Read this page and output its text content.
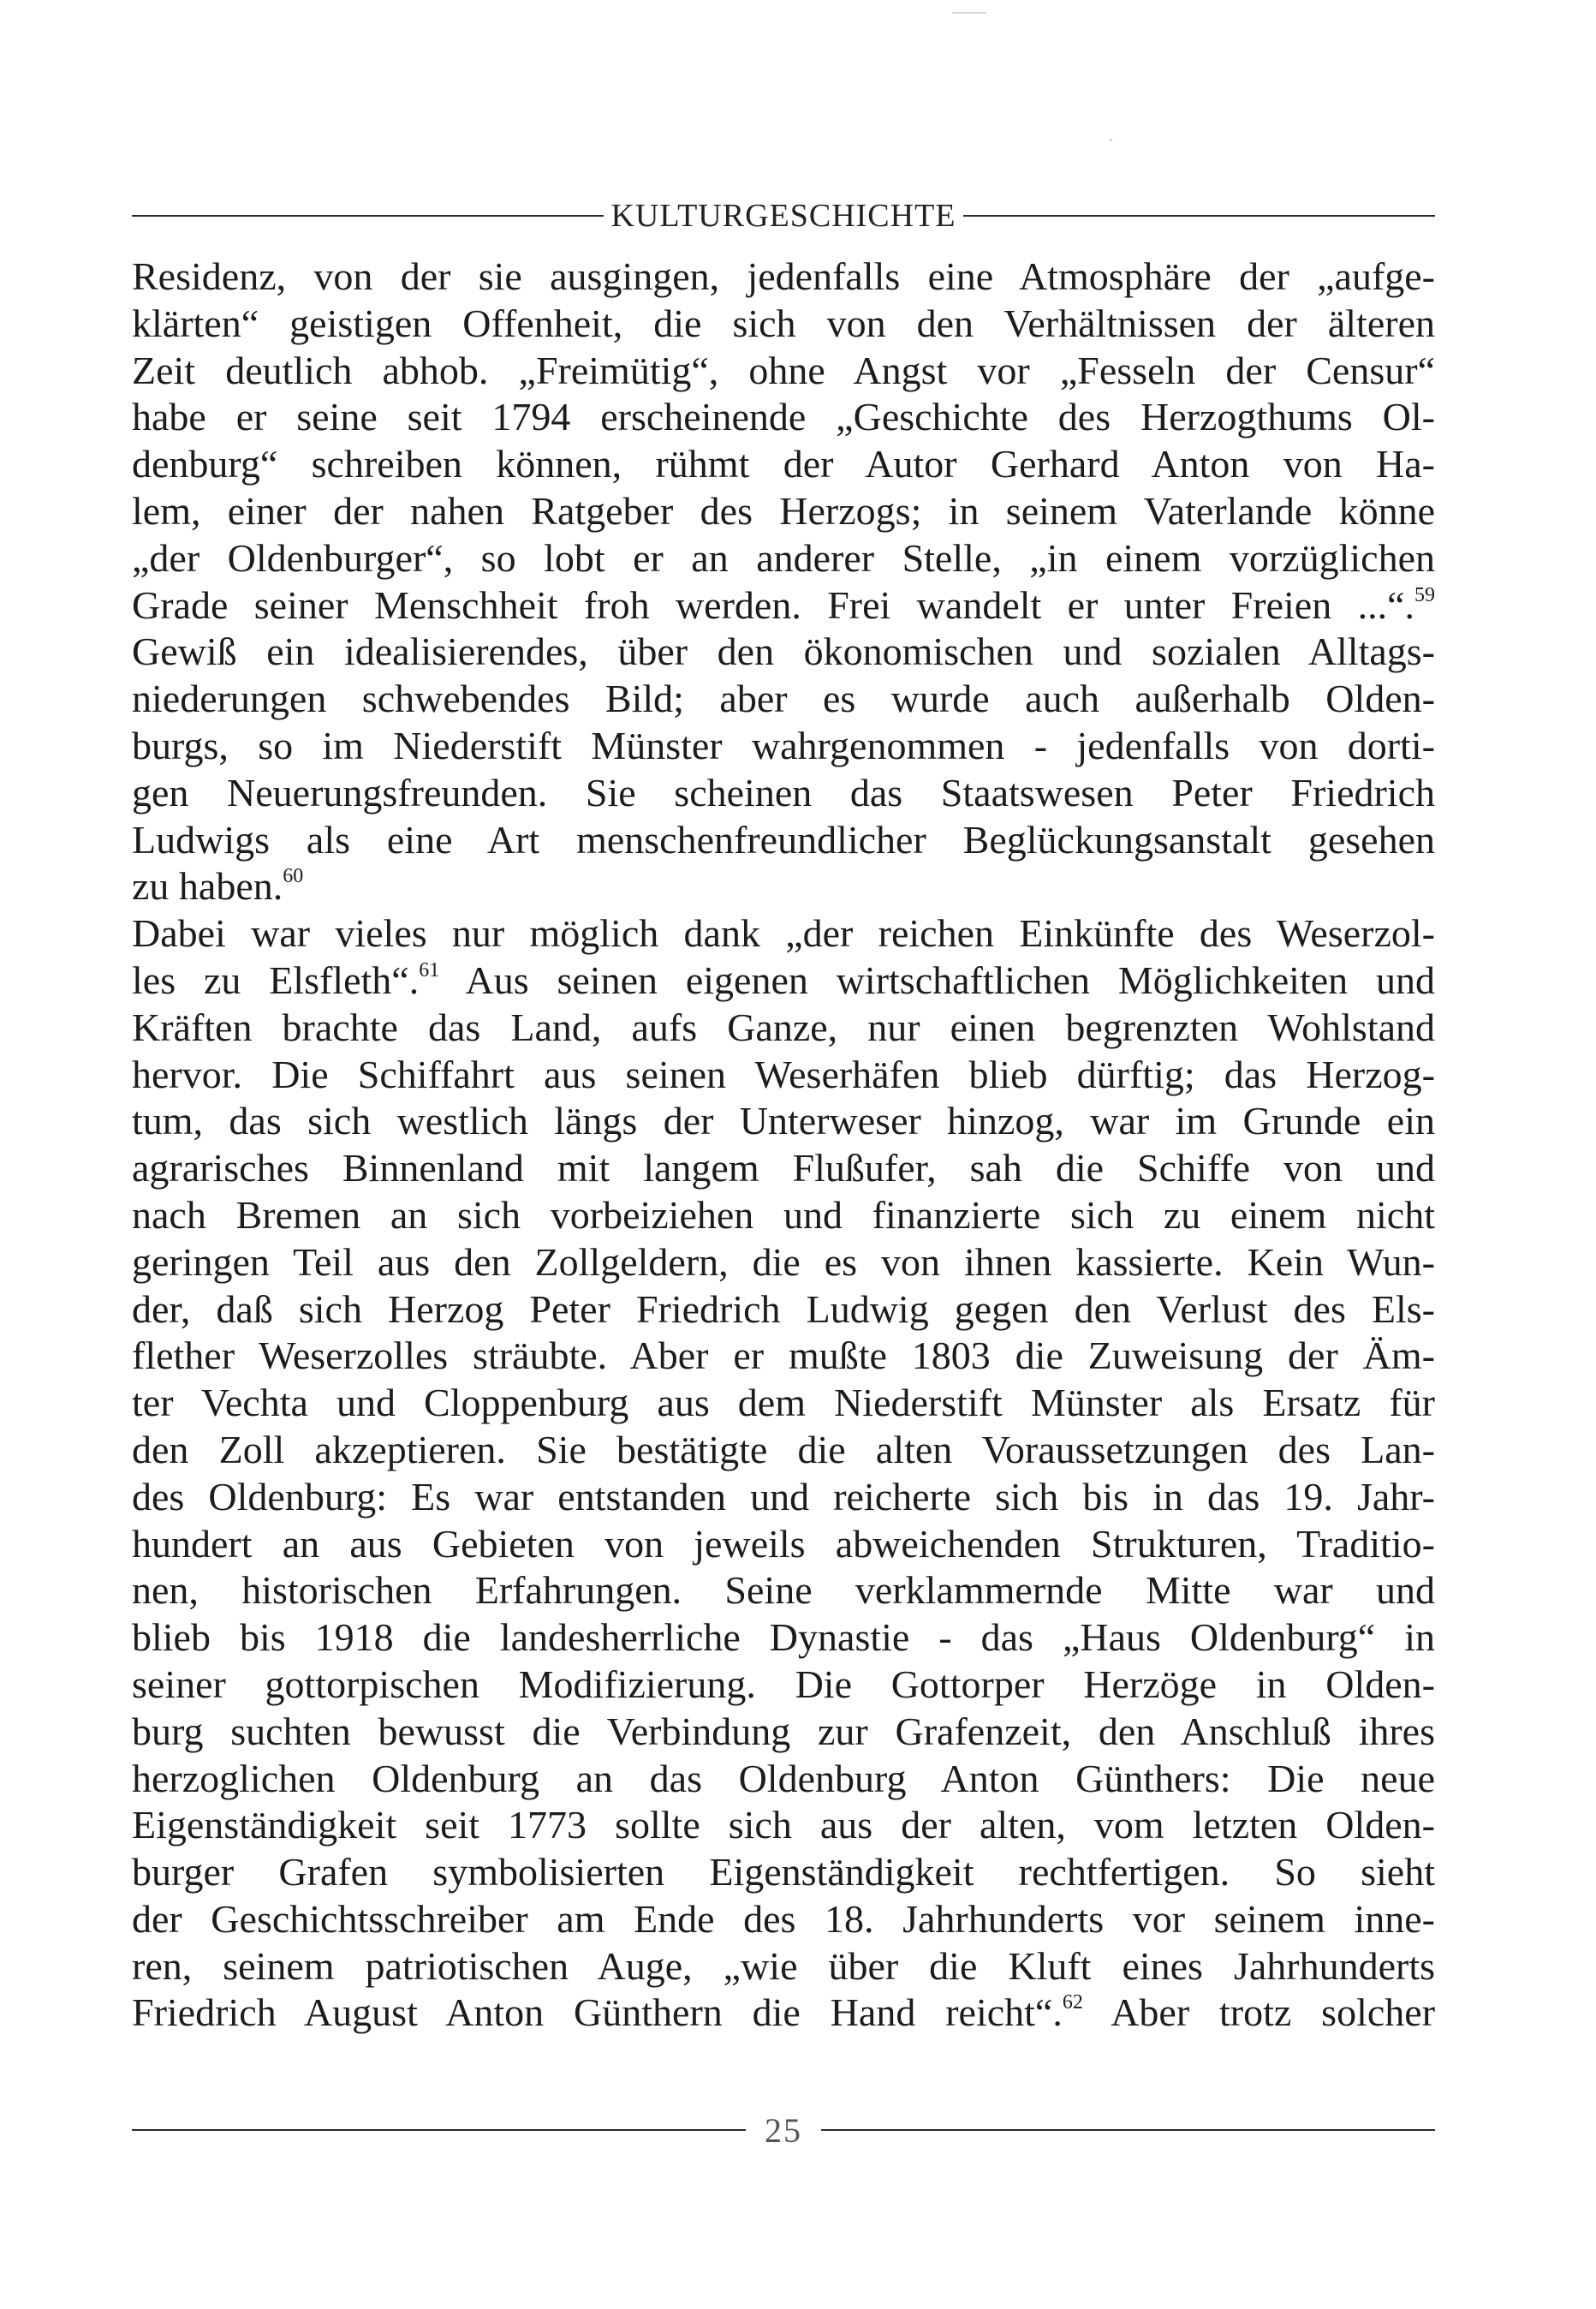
KULTURGESCHICHTE
Residenz, von der sie ausgingen, jedenfalls eine Atmosphäre der „aufge-
klärten“ geistigen Offenheit, die sich von den Verhältnissen der älteren
Zeit deutlich abhob. „Freimütig“, ohne Angst vor „Fesseln der Censur“
habe er seine seit 1794 erscheinende „Geschichte des Herzogthums Ol-
denburg“ schreiben können, rühmt der Autor Gerhard Anton von Ha-
lem, einer der nahen Ratgeber des Herzogs; in seinem Vaterlande könne
„der Oldenburger“, so lobt er an anderer Stelle, „in einem vorzüglichen
Grade seiner Menschheit froh werden. Frei wandelt er unter Freien ...“.$^{59}$
Gewiß ein idealisierendes, über den ökonomischen und sozialen Alltags-
niederungen schwebendes Bild; aber es wurde auch außerhalb Olden-
burgs, so im Niederstift Münster wahrgenommen - jedenfalls von dorti-
gen Neuerungsfreunden. Sie scheinen das Staatswesen Peter Friedrich
Ludwigs als eine Art menschenfreundlicher Beglückungsanstalt gesehen
zu haben.$^{60}$
Dabei war vieles nur möglich dank „der reichen Einkünfte des Weserzol-
les zu Elsfleth“.$^{61}$ Aus seinen eigenen wirtschaftlichen Möglichkeiten und
Kräften brachte das Land, aufs Ganze, nur einen begrenzten Wohlstand
hervor. Die Schiffahrt aus seinen Weserhäfen blieb dürftig; das Herzog-
tum, das sich westlich längs der Unterweser hinzog, war im Grunde ein
agrarisches Binnenland mit langem Flußufer, sah die Schiffe von und
nach Bremen an sich vorbeiziehen und finanzierte sich zu einem nicht
geringen Teil aus den Zollgeldern, die es von ihnen kassierte. Kein Wun-
der, daß sich Herzog Peter Friedrich Ludwig gegen den Verlust des Els-
flether Weserzolles sträubte. Aber er mußte 1803 die Zuweisung der Äm-
ter Vechta und Cloppenburg aus dem Niederstift Münster als Ersatz für
den Zoll akzeptieren. Sie bestätigte die alten Voraussetzungen des Lan-
des Oldenburg: Es war entstanden und reicherte sich bis in das 19. Jahr-
hundert an aus Gebieten von jeweils abweichenden Strukturen, Traditio-
nen, historischen Erfahrungen. Seine verklammernde Mitte war und
blieb bis 1918 die landesherrliche Dynastie - das „Haus Oldenburg“ in
seiner gottorpischen Modifizierung. Die Gottorper Herzöge in Olden-
burg suchten bewusst die Verbindung zur Grafenzeit, den Anschluß ihres
herzoglichen Oldenburg an das Oldenburg Anton Günthers: Die neue
Eigenständigkeit seit 1773 sollte sich aus der alten, vom letzten Olden-
burger Grafen symbolisierten Eigenständigkeit rechtfertigen. So sieht
der Geschichtsschreiber am Ende des 18. Jahrhunderts vor seinem inne-
ren, seinem patriotischen Auge, „wie über die Kluft eines Jahrhunderts
Friedrich August Anton Günthern die Hand reicht“.$^{62}$ Aber trotz solcher
25
